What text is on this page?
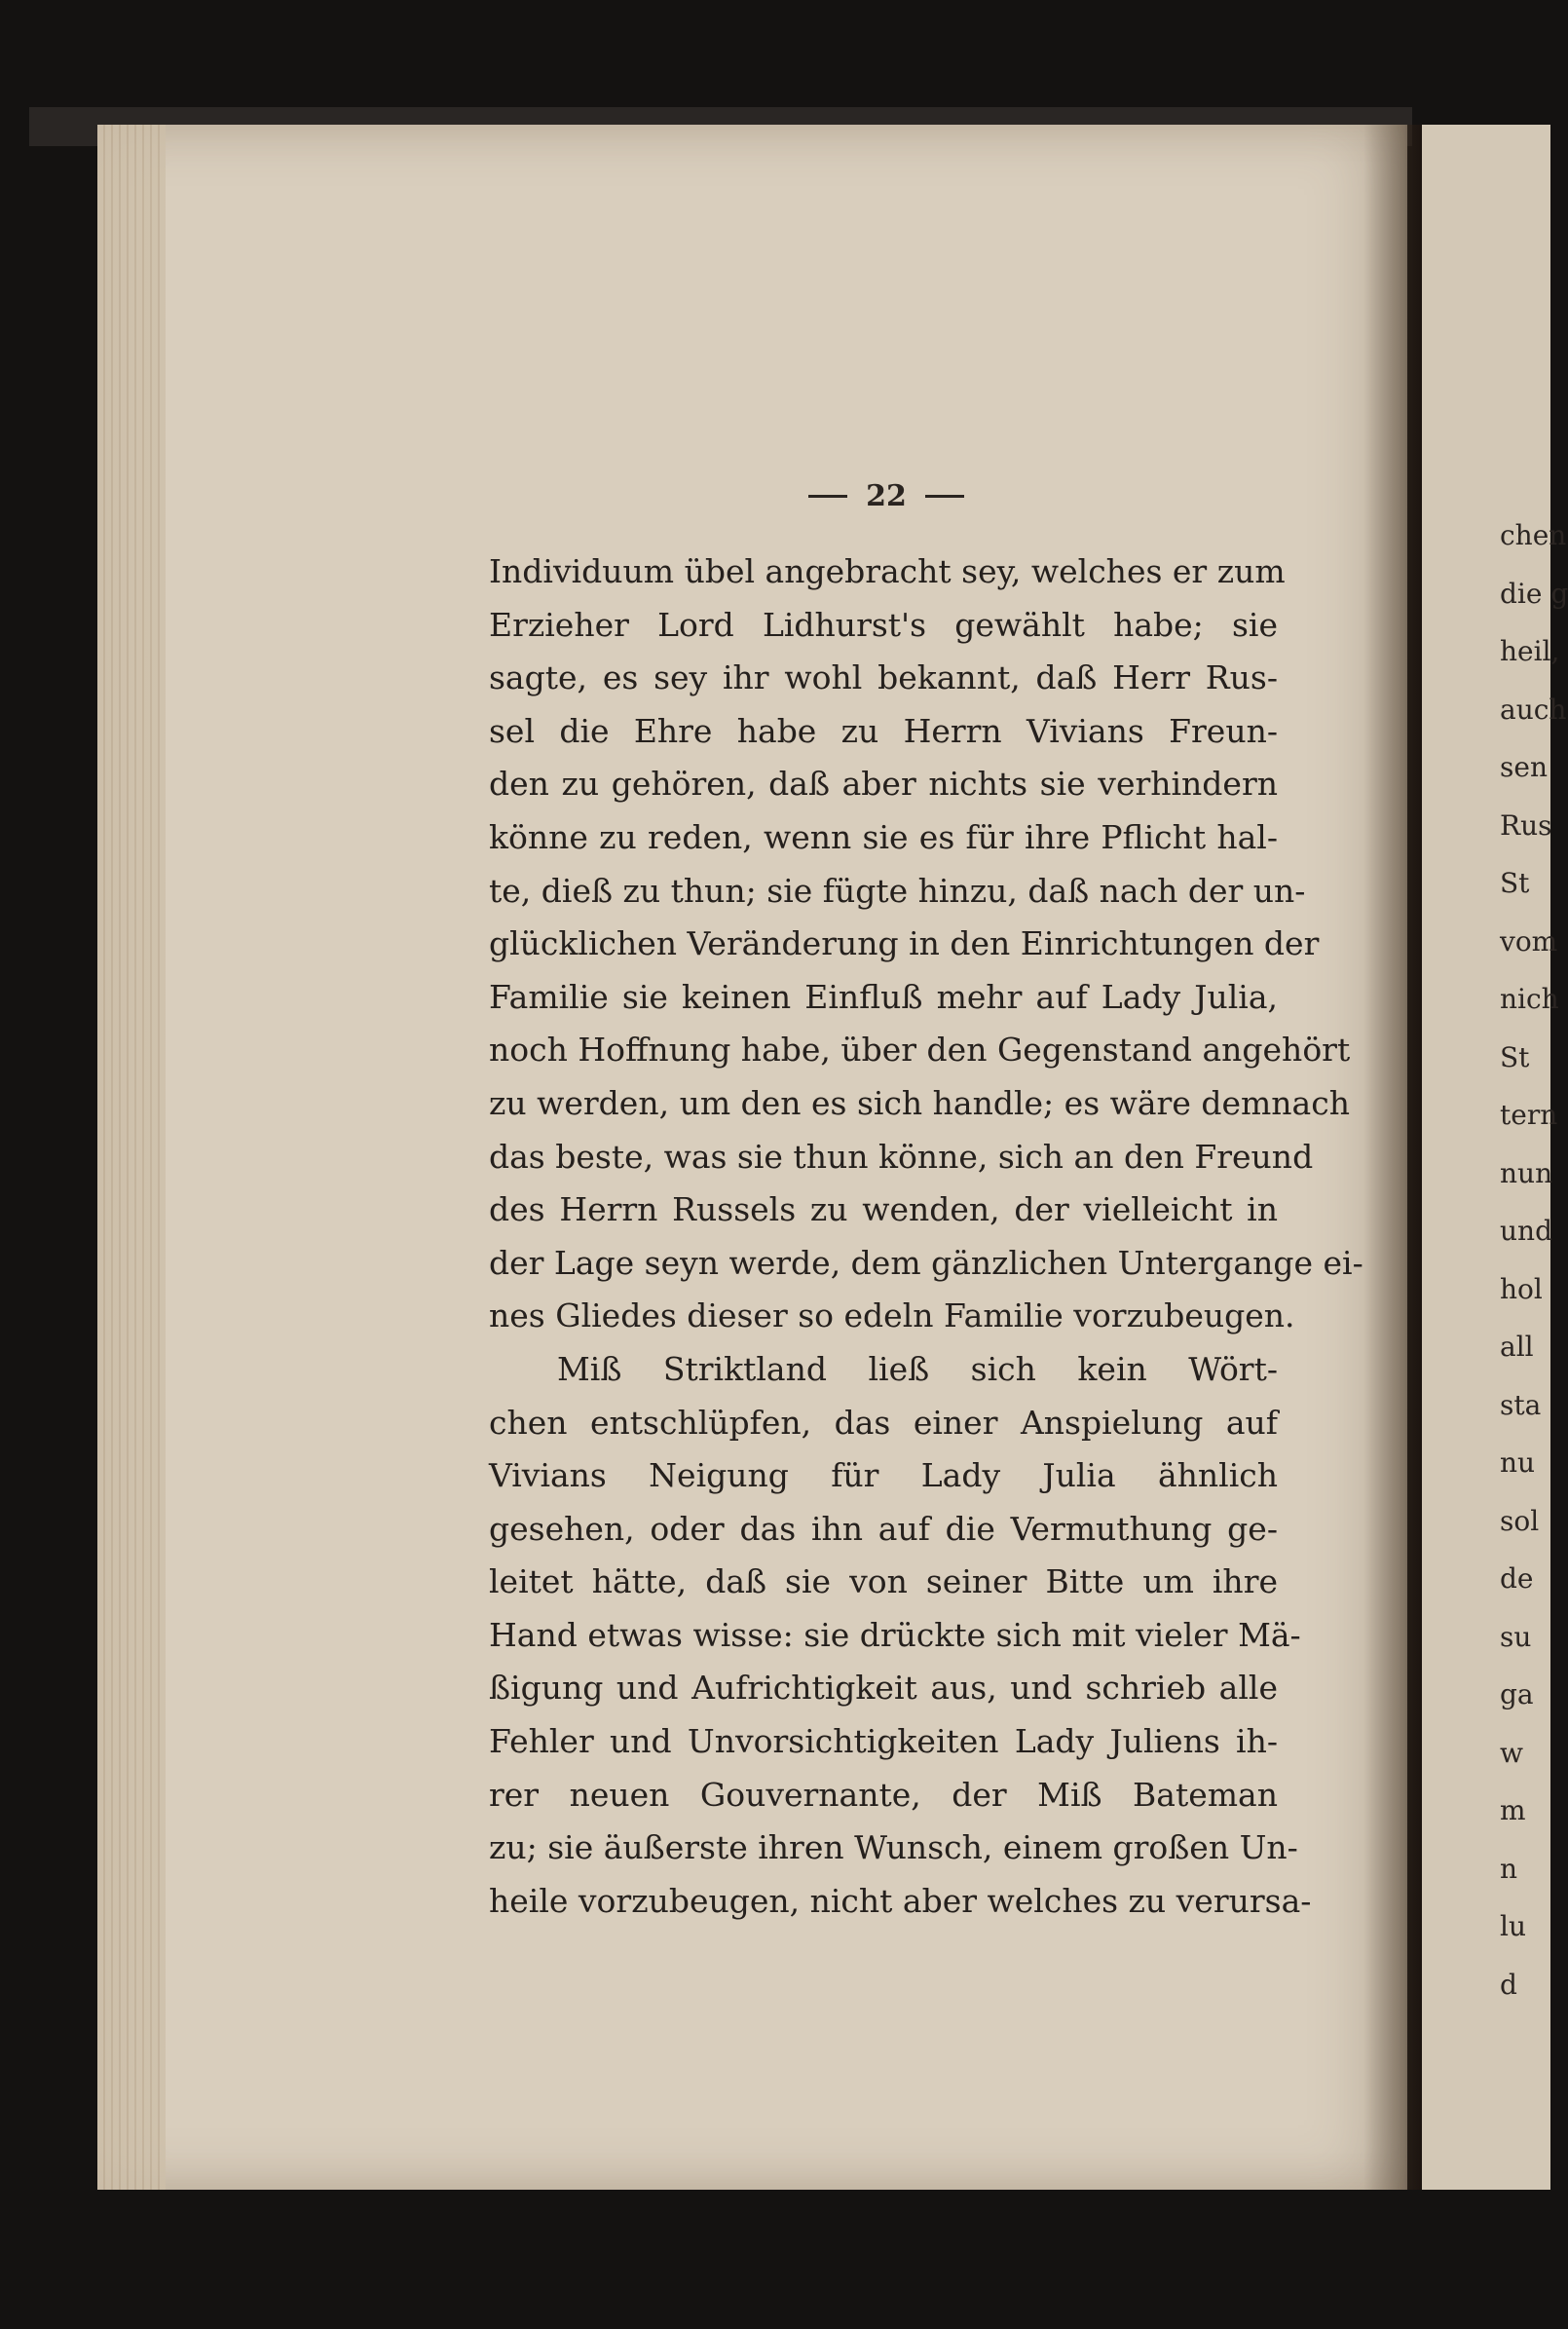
chen
die g
heil,
auch
sen
Rus
St
vom
nich
St
tern
nun
und
hol
all
sta
nu
sol
de
su
ga
w
m
n
lu
d
22
Individuum übel angebracht sey, welches er zum
Erzieher Lord Lidhurst's gewählt habe; sie
sagte, es sey ihr wohl bekannt, daß Herr Rus-
sel die Ehre habe zu Herrn Vivians Freun-
den zu gehören, daß aber nichts sie verhindern
könne zu reden, wenn sie es für ihre Pflicht hal-
te, dieß zu thun; sie fügte hinzu, daß nach der un-
glücklichen Veränderung in den Einrichtungen der
Familie sie keinen Einfluß mehr auf Lady Julia,
noch Hoffnung habe, über den Gegenstand angehört
zu werden, um den es sich handle; es wäre demnach
das beste, was sie thun könne, sich an den Freund
des Herrn Russels zu wenden, der vielleicht in
der Lage seyn werde, dem gänzlichen Untergange ei-
nes Gliedes dieser so edeln Familie vorzubeugen.
Miß Striktland ließ sich kein Wört-
chen entschlüpfen, das einer Anspielung auf
Vivians Neigung für Lady Julia ähnlich
gesehen, oder das ihn auf die Vermuthung ge-
leitet hätte, daß sie von seiner Bitte um ihre
Hand etwas wisse: sie drückte sich mit vieler Mä-
ßigung und Aufrichtigkeit aus, und schrieb alle
Fehler und Unvorsichtigkeiten Lady Juliens ih-
rer neuen Gouvernante, der Miß Bateman
zu; sie äußerste ihren Wunsch, einem großen Un-
heile vorzubeugen, nicht aber welches zu verursa-
